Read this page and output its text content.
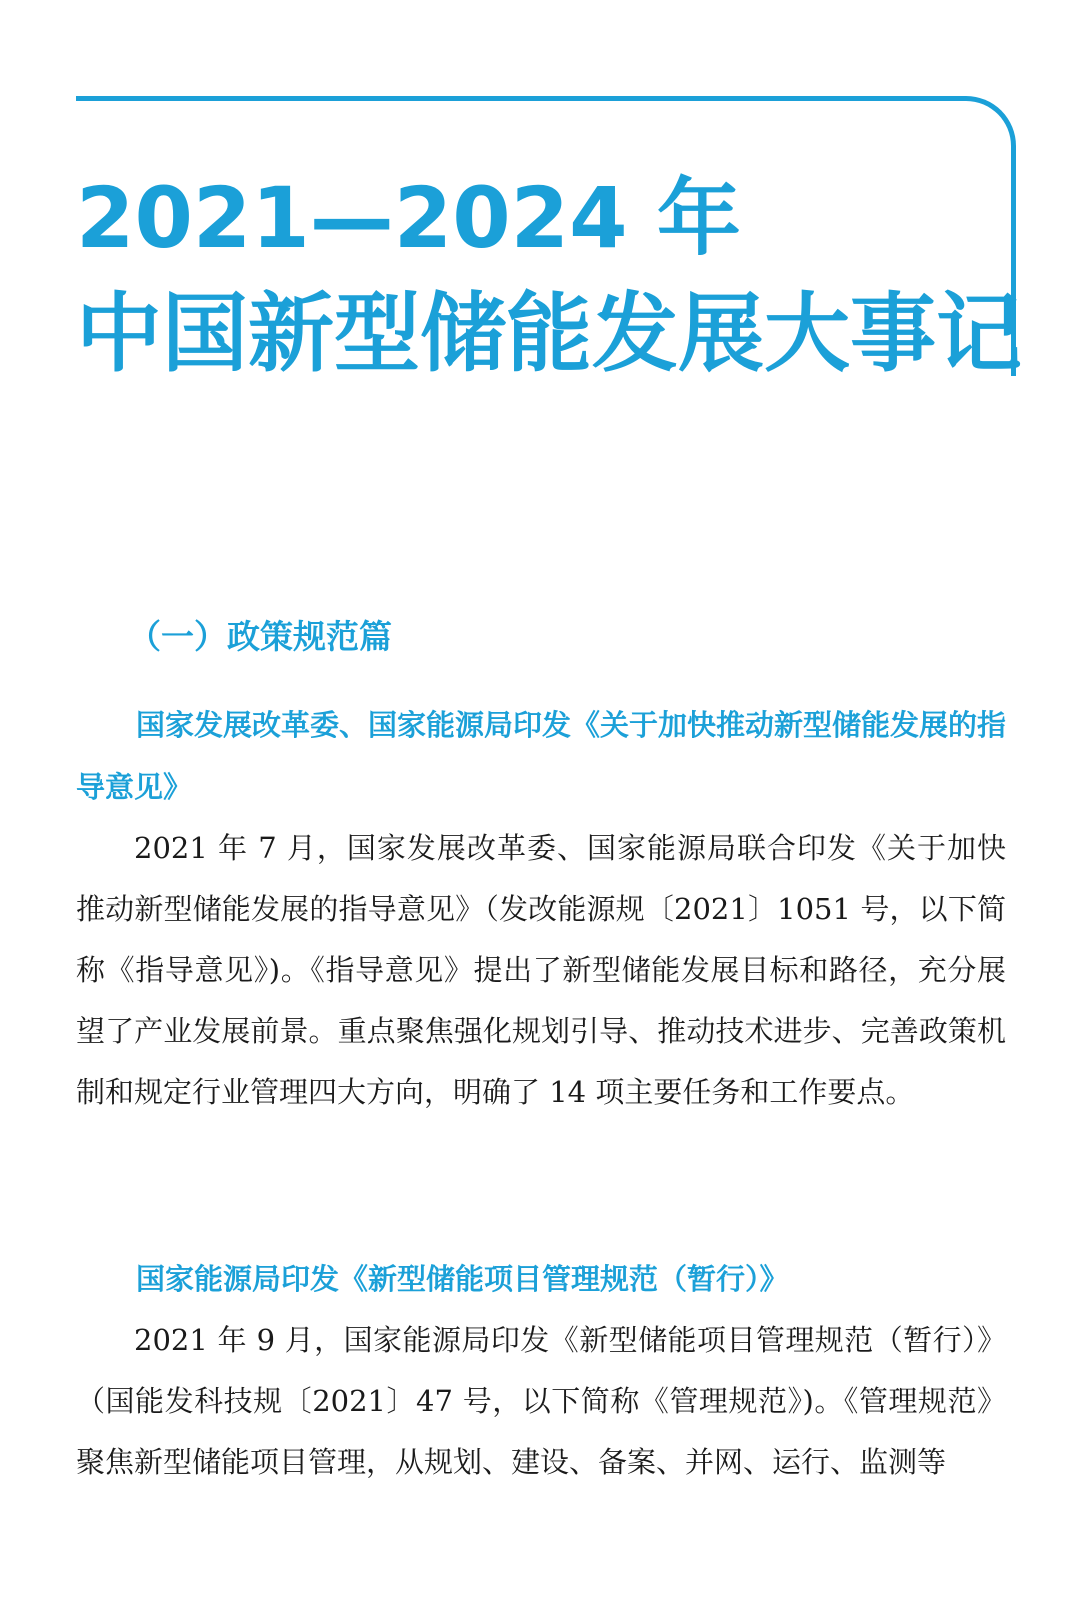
2021—2024 年
中国新型储能发展大事记
（一）政策规范篇
国家发展改革委、国家能源局印发《关于加快推动新型储能发展的指导意见》

2021 年 7 月，国家发展改革委、国家能源局联合印发《关于加快推动新型储能发展的指导意见》（发改能源规〔2021〕1051 号，以下简称《指导意见》)。《指导意见》提出了新型储能发展目标和路径，充分展望了产业发展前景。重点聚焦强化规划引导、推动技术进步、完善政策机制和规定行业管理四大方向，明确了 14 项主要任务和工作要点。

国家能源局印发《新型储能项目管理规范（暂行）》

2021 年 9 月，国家能源局印发《新型储能项目管理规范（暂行）》（国能发科技规〔2021〕47 号，以下简称《管理规范》)。《管理规范》聚焦新型储能项目管理，从规划、建设、备案、并网、运行、监测等
